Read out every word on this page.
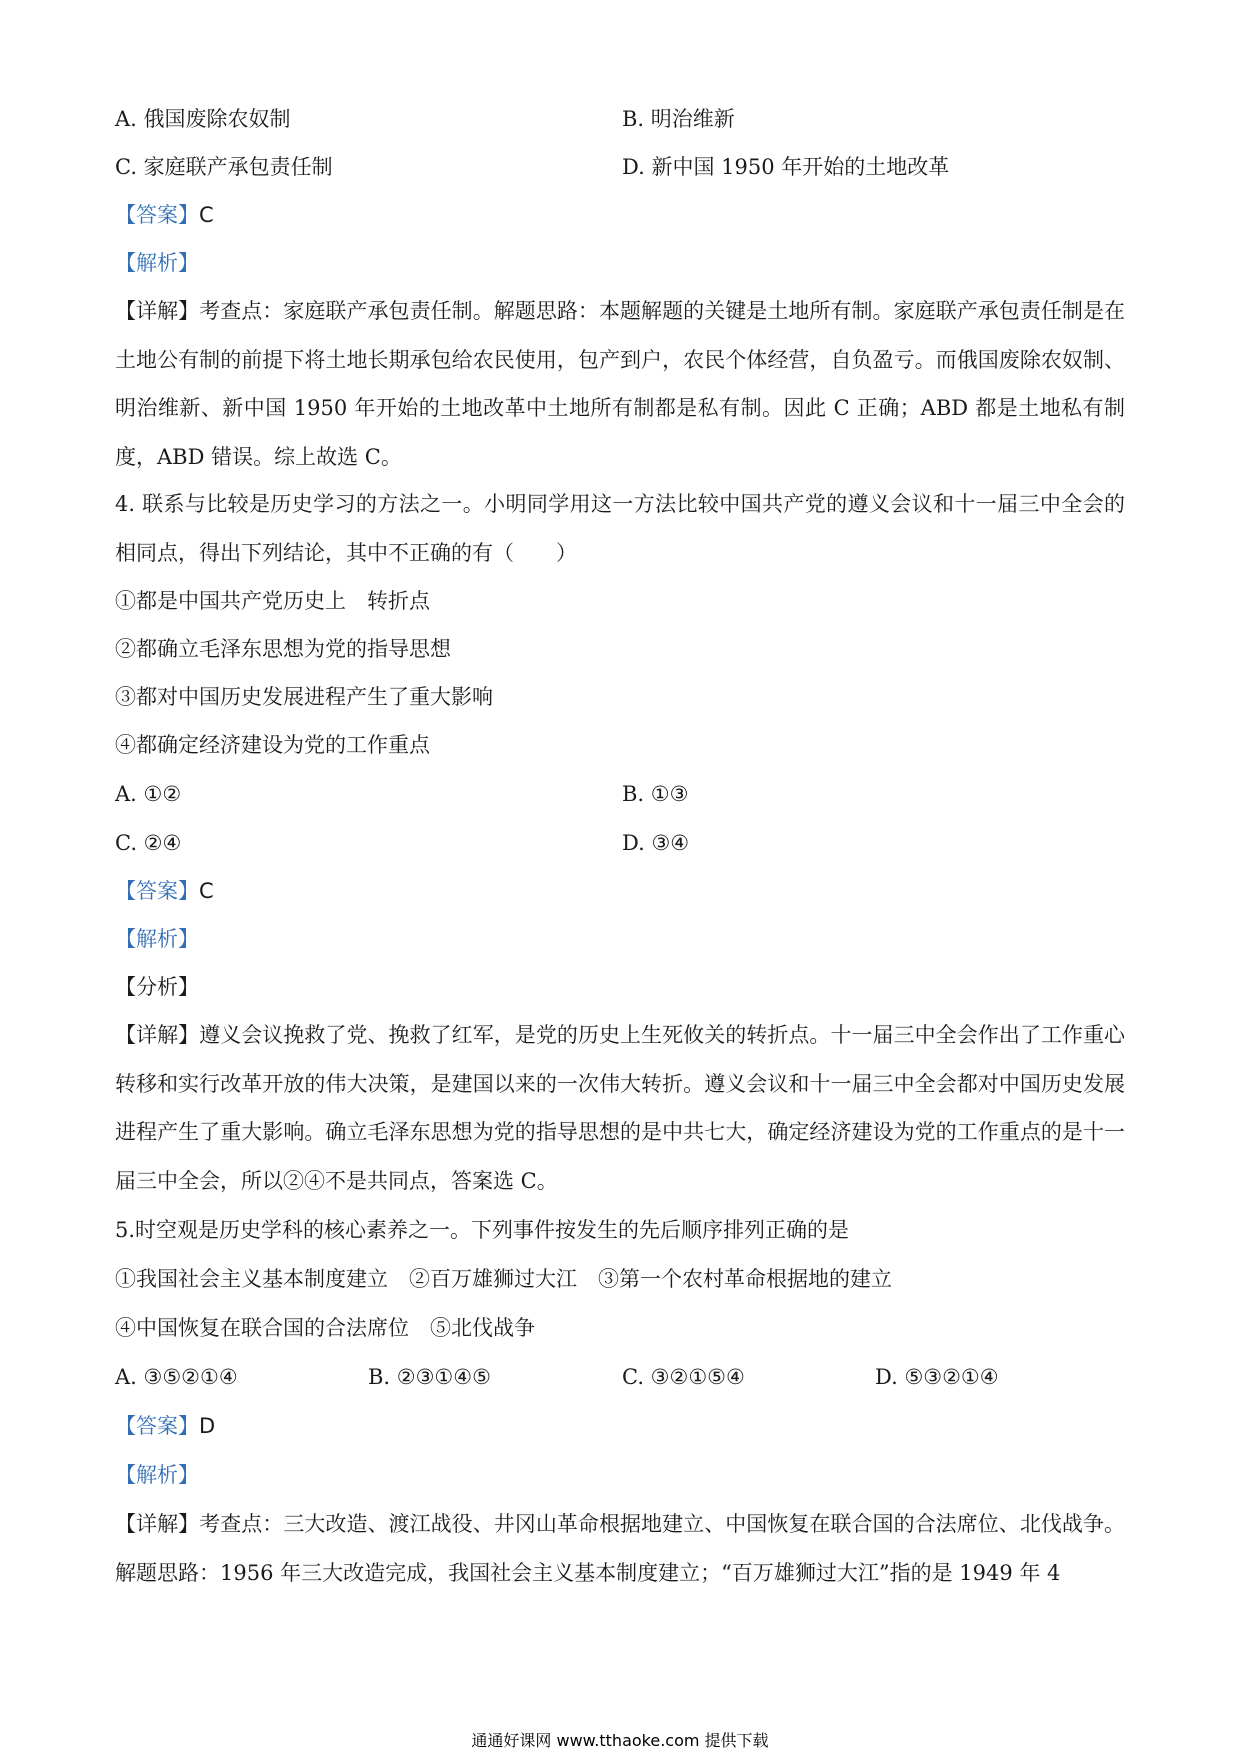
A. 俄国废除农奴制	B. 明治维新
C. 家庭联产承包责任制	D. 新中国 1950 年开始的土地改革
【答案】C
【解析】
【详解】考查点：家庭联产承包责任制。解题思路：本题解题的关键是土地所有制。家庭联产承包责任制是在土地公有制的前提下将土地长期承包给农民使用，包产到户，农民个体经营，自负盈亏。而俄国废除农奴制、明治维新、新中国 1950 年开始的土地改革中土地所有制都是私有制。因此 C 正确；ABD 都是土地私有制度，ABD 错误。综上故选 C。
4. 联系与比较是历史学习的方法之一。小明同学用这一方法比较中国共产党的遵义会议和十一届三中全会的相同点，得出下列结论，其中不正确的有（　　）
①都是中国共产党历史上　转折点
②都确立毛泽东思想为党的指导思想
③都对中国历史发展进程产生了重大影响
④都确定经济建设为党的工作重点
A. ①②	B. ①③
C. ②④	D. ③④
【答案】C
【解析】
【分析】
【详解】遵义会议挽救了党、挽救了红军，是党的历史上生死攸关的转折点。十一届三中全会作出了工作重心转移和实行改革开放的伟大决策，是建国以来的一次伟大转折。遵义会议和十一届三中全会都对中国历史发展进程产生了重大影响。确立毛泽东思想为党的指导思想的是中共七大，确定经济建设为党的工作重点的是十一届三中全会，所以②④不是共同点，答案选 C。
5.时空观是历史学科的核心素养之一。下列事件按发生的先后顺序排列正确的是
①我国社会主义基本制度建立　②百万雄狮过大江　③第一个农村革命根据地的建立
④中国恢复在联合国的合法席位　⑤北伐战争
A. ③⑤②①④	B. ②③①④⑤	C. ③②①⑤④	D. ⑤③②①④
【答案】D
【解析】
【详解】考查点：三大改造、渡江战役、井冈山革命根据地建立、中国恢复在联合国的合法席位、北伐战争。解题思路：1956 年三大改造完成，我国社会主义基本制度建立；“百万雄狮过大江”指的是 1949 年 4
通通好课网 www.tthaoke.com 提供下载
